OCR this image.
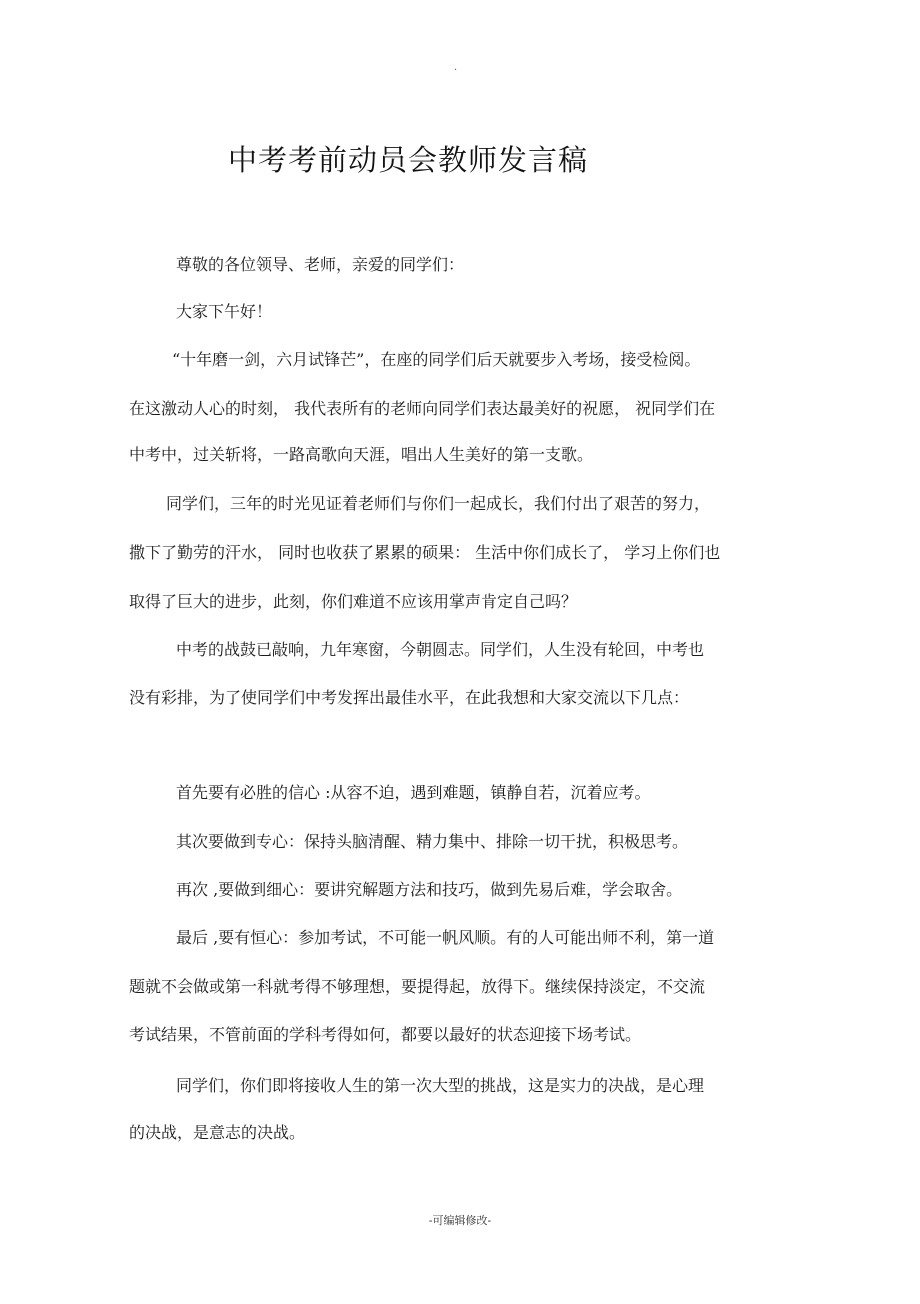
.
中考考前动员会教师发言稿
尊敬的各位领导、老师，亲爱的同学们：
大家下午好！
“十年磨一剑，六月试锋芒”，在座的同学们后天就要步入考场，接受检阅。
在这激动人心的时刻， 我代表所有的老师向同学们表达最美好的祝愿， 祝同学们在
中考中，过关斩将，一路高歌向天涯，唱出人生美好的第一支歌。
同学们，三年的时光见证着老师们与你们一起成长，我们付出了艰苦的努力，
撒下了勤劳的汗水， 同时也收获了累累的硕果： 生活中你们成长了， 学习上你们也
取得了巨大的进步，此刻，你们难道不应该用掌声肯定自己吗？
中考的战鼓已敲响，九年寒窗，今朝圆志。同学们，人生没有轮回，中考也
没有彩排，为了使同学们中考发挥出最佳水平，在此我想和大家交流以下几点：
首先要有必胜的信心 :从容不迫，遇到难题，镇静自若，沉着应考。
其次要做到专心：保持头脑清醒、精力集中、排除一切干扰，积极思考。
再次 ,要做到细心：要讲究解题方法和技巧，做到先易后难，学会取舍。
最后 ,要有恒心：参加考试，不可能一帆风顺。有的人可能出师不利，第一道
题就不会做或第一科就考得不够理想，要提得起，放得下。继续保持淡定，不交流
考试结果，不管前面的学科考得如何，都要以最好的状态迎接下场考试。
同学们，你们即将接收人生的第一次大型的挑战，这是实力的决战，是心理
的决战，是意志的决战。
-可编辑修改-
